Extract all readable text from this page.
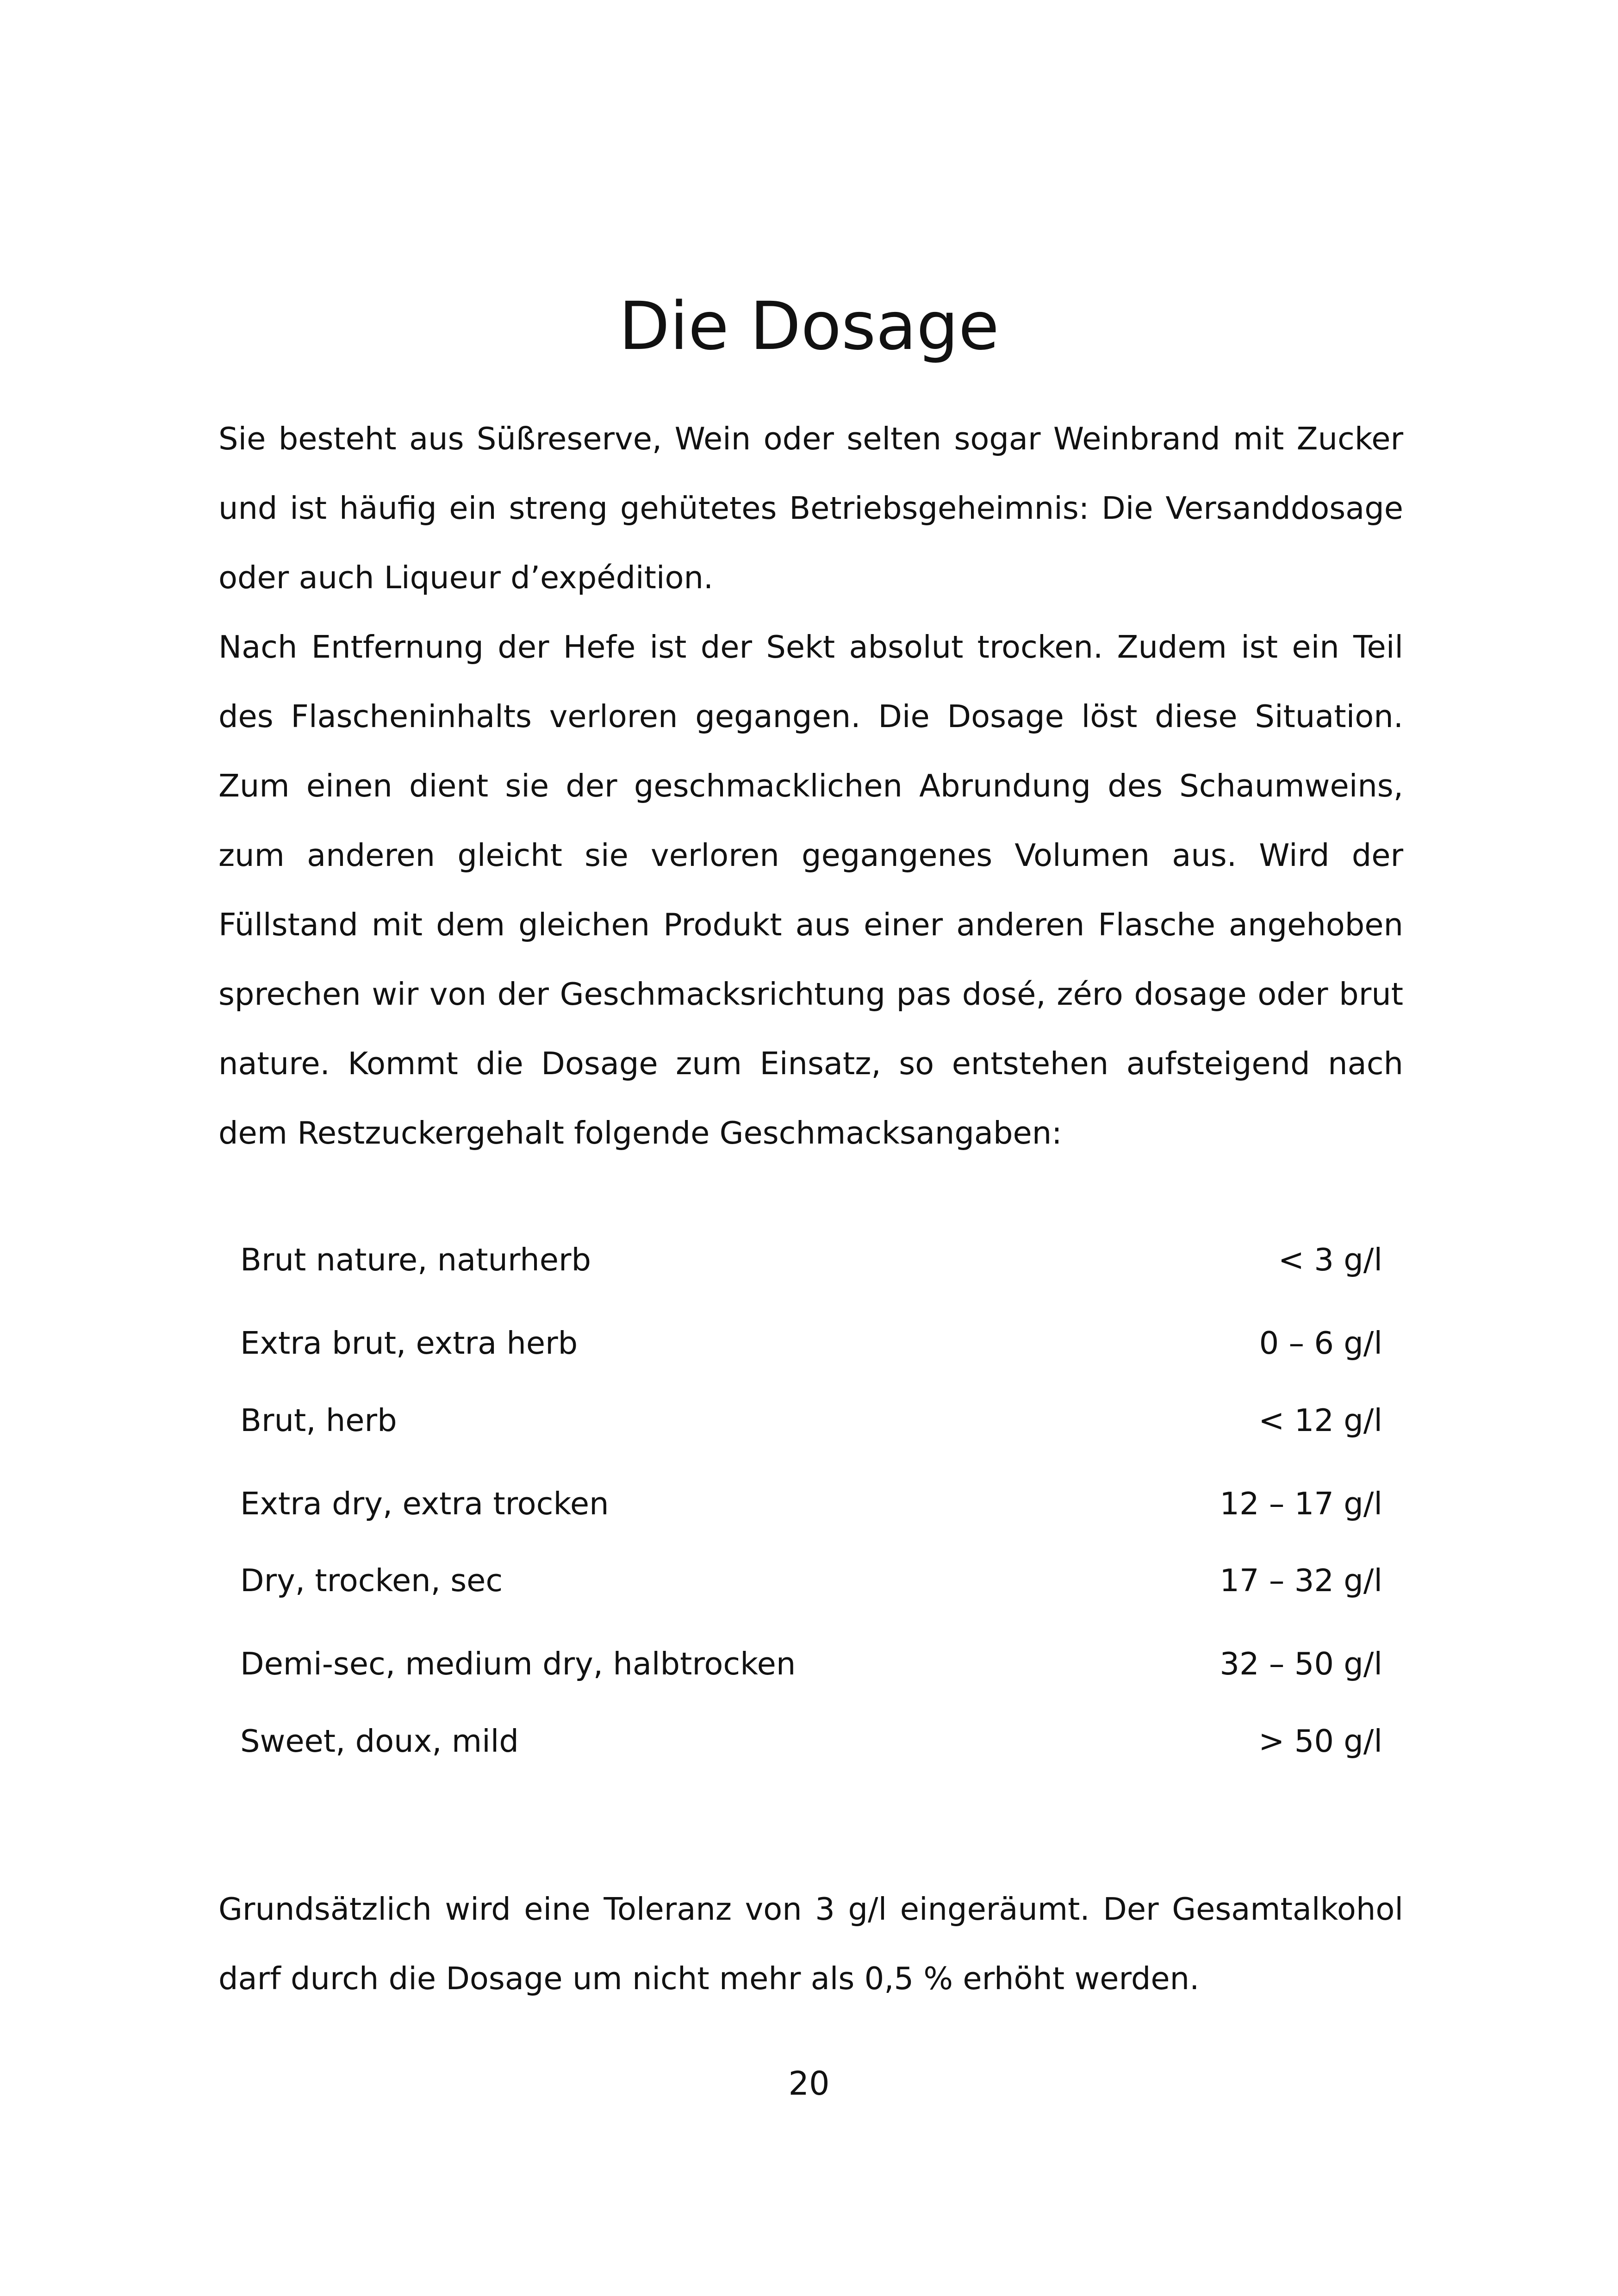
Die Dosage

Sie besteht aus Süßreserve, Wein oder selten sogar Weinbrand mit Zucker und ist häufig ein streng gehütetes Betriebsgeheimnis: Die Versanddosage oder auch Liqueur d’expédition.

Nach Entfernung der Hefe ist der Sekt absolut trocken. Zudem ist ein Teil des Flascheninhalts verloren gegangen. Die Dosage löst diese Situation. Zum einen dient sie der geschmacklichen Abrundung des Schaumweins, zum anderen gleicht sie verloren gegangenes Volumen aus. Wird der Füllstand mit dem gleichen Produkt aus einer anderen Flasche angehoben sprechen wir von der Geschmacksrichtung pas dosé, zéro dosage oder brut nature. Kommt die Dosage zum Einsatz, so entstehen aufsteigend nach dem Restzuckergehalt folgende Geschmacksangaben:

Brut nature, naturherb	< 3 g/l
Extra brut, extra herb	0 – 6 g/l
Brut, herb	< 12 g/l
Extra dry, extra trocken	12 – 17 g/l
Dry, trocken, sec	17 – 32 g/l
Demi-sec, medium dry, halbtrocken	32 – 50 g/l
Sweet, doux, mild	> 50 g/l

Grundsätzlich wird eine Toleranz von 3 g/l eingeräumt. Der Gesamtalkohol darf durch die Dosage um nicht mehr als 0,5 % erhöht werden.

20
